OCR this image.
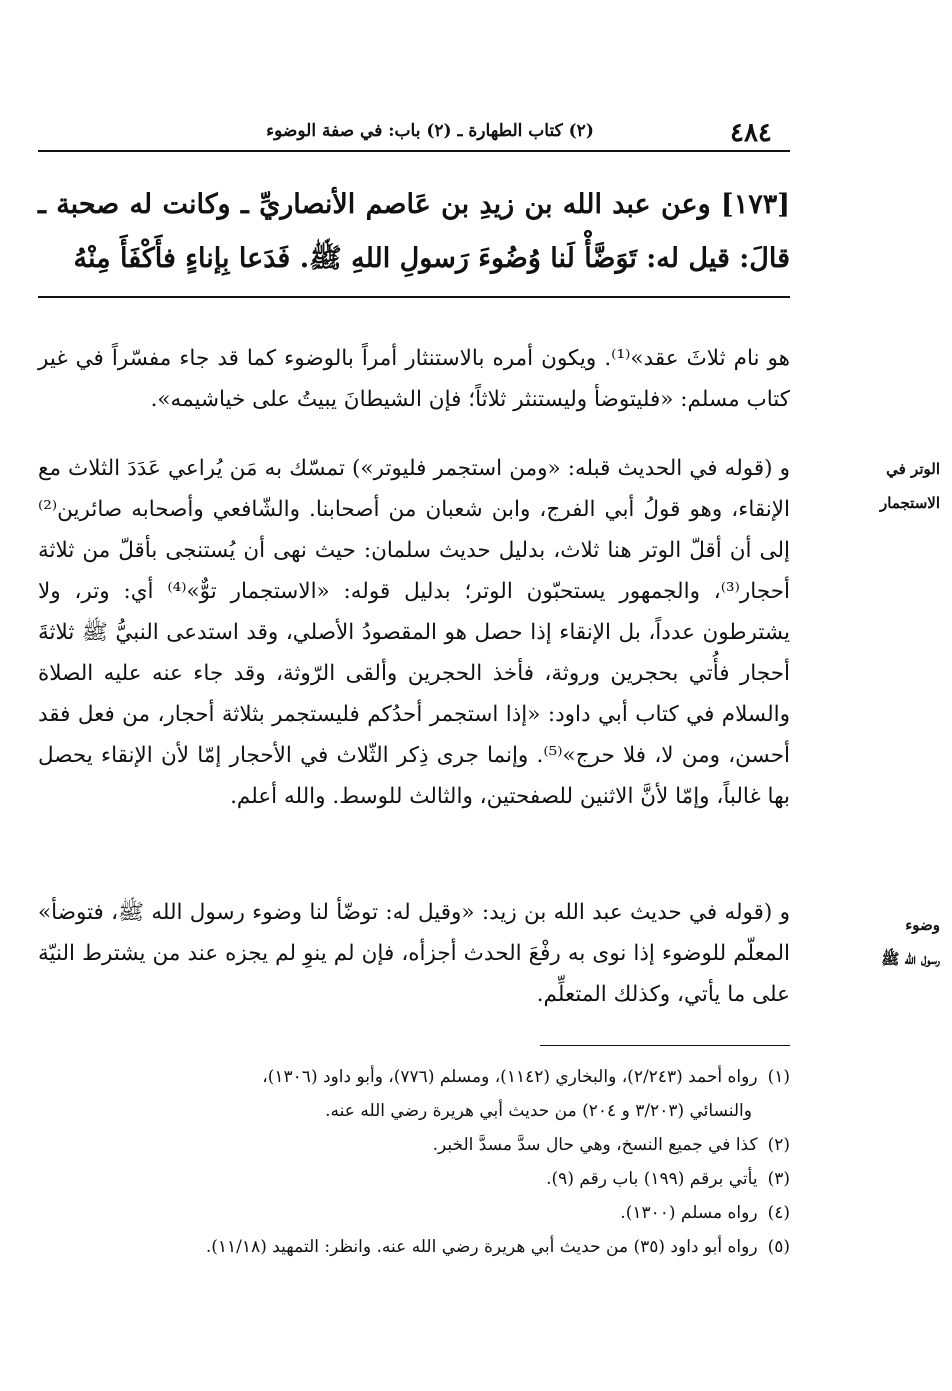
٤٨٤
(٢) كتاب الطهارة ـ (٢) باب: في صفة الوضوء
[١٧٣] وعن عبد الله بن زيدِ بن عَاصم الأنصاريِّ ـ وكانت له صحبة ـ قالَ: قيل له: تَوَضَّأْ لَنا وُضُوءَ رَسولِ اللهِ ﷺ. فَدَعا بِإناءٍ فأَكْفَأَ مِنْهُ
هو نام ثلاثَ عقد»⁽¹⁾. ويكون أمره بالاستنثار أمراً بالوضوء كما قد جاء مفسّراً في غير كتاب مسلم: «فليتوضأ وليستنثر ثلاثاً؛ فإن الشيطانَ يبيتُ على خياشيمه».
الوتر في
الاستجمار
و (قوله في الحديث قبله: «ومن استجمر فليوتر») تمسّك به مَن يُراعي عَدَدَ الثلاث مع الإنقاء، وهو قولُ أبي الفرج، وابن شعبان من أصحابنا. والشّافعي وأصحابه صائرين⁽²⁾ إلى أن أقلّ الوتر هنا ثلاث، بدليل حديث سلمان: حيث نهى أن يُستنجى بأقلّ من ثلاثة أحجار⁽³⁾، والجمهور يستحبّون الوتر؛ بدليل قوله: «الاستجمار توٌّ»⁽⁴⁾ أي: وتر، ولا يشترطون عدداً، بل الإنقاء إذا حصل هو المقصودُ الأصلي، وقد استدعى النبيُّ ﷺ ثلاثةَ أحجار فأُتي بحجرين وروثة، فأخذ الحجرين وألقى الرّوثة، وقد جاء عنه عليه الصلاة والسلام في كتاب أبي داود: «إذا استجمر أحدُكم فليستجمر بثلاثة أحجار، من فعل فقد أحسن، ومن لا، فلا حرج»⁽⁵⁾. وإنما جرى ذِكر الثّلاث في الأحجار إمّا لأن الإنقاء يحصل بها غالباً، وإمّا لأنَّ الاثنين للصفحتين، والثالث للوسط. والله أعلم.
وضوء
رسول الله ﷺ
و (قوله في حديث عبد الله بن زيد: «وقيل له: توضّأ لنا وضوء رسول الله ﷺ، فتوضأ» المعلّم للوضوء إذا نوى به رفْعَ الحدث أجزأه، فإن لم ينوِ لم يجزه عند من يشترط النيّة على ما يأتي، وكذلك المتعلِّم.

(١)رواه أحمد (٢/٢٤٣)، والبخاري (١١٤٢)، ومسلم (٧٧٦)، وأبو داود (١٣٠٦)،

والنسائي (٣/٢٠٣ و ٢٠٤) من حديث أبي هريرة رضي الله عنه.

(٢)كذا في جميع النسخ، وهي حال سدَّ مسدَّ الخبر.

(٣)يأتي برقم (١٩٩) باب رقم (٩).

(٤)رواه مسلم (١٣٠٠).

(٥)رواه أبو داود (٣٥) من حديث أبي هريرة رضي الله عنه. وانظر: التمهيد (١١/١٨).
